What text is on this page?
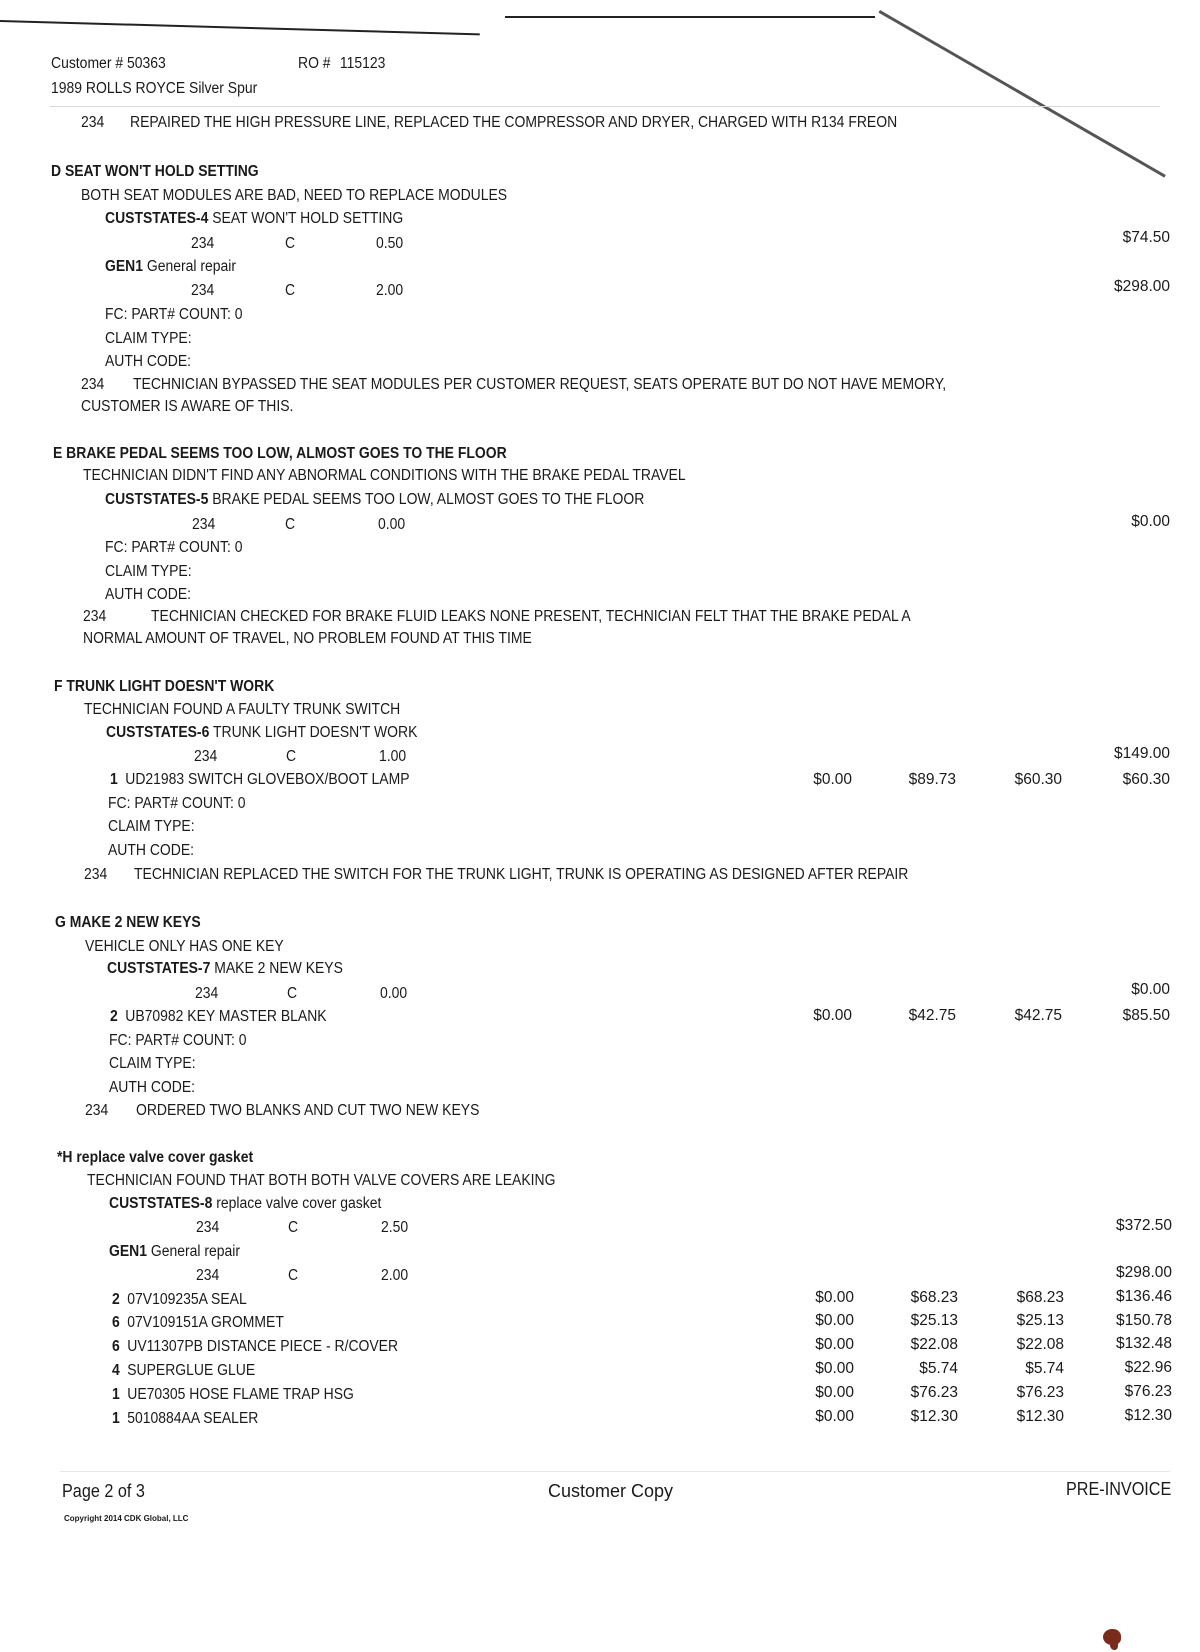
Customer # 50363	RO # 115123
1989 ROLLS ROYCE Silver Spur
234 REPAIRED THE HIGH PRESSURE LINE, REPLACED THE COMPRESSOR AND DRYER, CHARGED WITH R134 FREON
D SEAT WON'T HOLD SETTING
BOTH SEAT MODULES ARE BAD, NEED TO REPLACE MODULES
CUSTSTATES-4 SEAT WON'T HOLD SETTING
234	C	0.50	$74.50
GEN1 General repair
234	C	2.00	$298.00
FC: PART# COUNT: 0
CLAIM TYPE:
AUTH CODE:
234 TECHNICIAN BYPASSED THE SEAT MODULES PER CUSTOMER REQUEST, SEATS OPERATE BUT DO NOT HAVE MEMORY,
CUSTOMER IS AWARE OF THIS.
E BRAKE PEDAL SEEMS TOO LOW, ALMOST GOES TO THE FLOOR
TECHNICIAN DIDN'T FIND ANY ABNORMAL CONDITIONS WITH THE BRAKE PEDAL TRAVEL
CUSTSTATES-5 BRAKE PEDAL SEEMS TOO LOW, ALMOST GOES TO THE FLOOR
234	C	0.00	$0.00
FC: PART# COUNT: 0
CLAIM TYPE:
AUTH CODE:
234	TECHNICIAN CHECKED FOR BRAKE FLUID LEAKS NONE PRESENT, TECHNICIAN FELT THAT THE BRAKE PEDAL A
NORMAL AMOUNT OF TRAVEL, NO PROBLEM FOUND AT THIS TIME
F TRUNK LIGHT DOESN'T WORK
TECHNICIAN FOUND A FAULTY TRUNK SWITCH
CUSTSTATES-6 TRUNK LIGHT DOESN'T WORK
234	C	1.00	$149.00
1 UD21983 SWITCH GLOVEBOX/BOOT LAMP	$0.00	$89.73	$60.30	$60.30
FC: PART# COUNT: 0
CLAIM TYPE:
AUTH CODE:
234 TECHNICIAN REPLACED THE SWITCH FOR THE TRUNK LIGHT, TRUNK IS OPERATING AS DESIGNED AFTER REPAIR
G MAKE 2 NEW KEYS
VEHICLE ONLY HAS ONE KEY
CUSTSTATES-7 MAKE 2 NEW KEYS
234	C	0.00	$0.00
2 UB70982 KEY MASTER BLANK	$0.00	$42.75	$42.75	$85.50
FC: PART# COUNT: 0
CLAIM TYPE:
AUTH CODE:
234 ORDERED TWO BLANKS AND CUT TWO NEW KEYS
*H replace valve cover gasket
TECHNICIAN FOUND THAT BOTH BOTH VALVE COVERS ARE LEAKING
CUSTSTATES-8 replace valve cover gasket
234	C	2.50	$372.50
GEN1 General repair
234	C	2.00	$298.00
2 07V109235A SEAL	$0.00	$68.23	$68.23	$136.46
6 07V109151A GROMMET	$0.00	$25.13	$25.13	$150.78
6 UV11307PB DISTANCE PIECE - R/COVER	$0.00	$22.08	$22.08	$132.48
4 SUPERGLUE GLUE	$0.00	$5.74	$5.74	$22.96
1 UE70305 HOSE FLAME TRAP HSG	$0.00	$76.23	$76.23	$76.23
1 5010884AA SEALER	$0.00	$12.30	$12.30	$12.30
Page 2 of 3	Customer Copy	PRE-INVOICE
Copyright 2014 CDK Global, LLC
